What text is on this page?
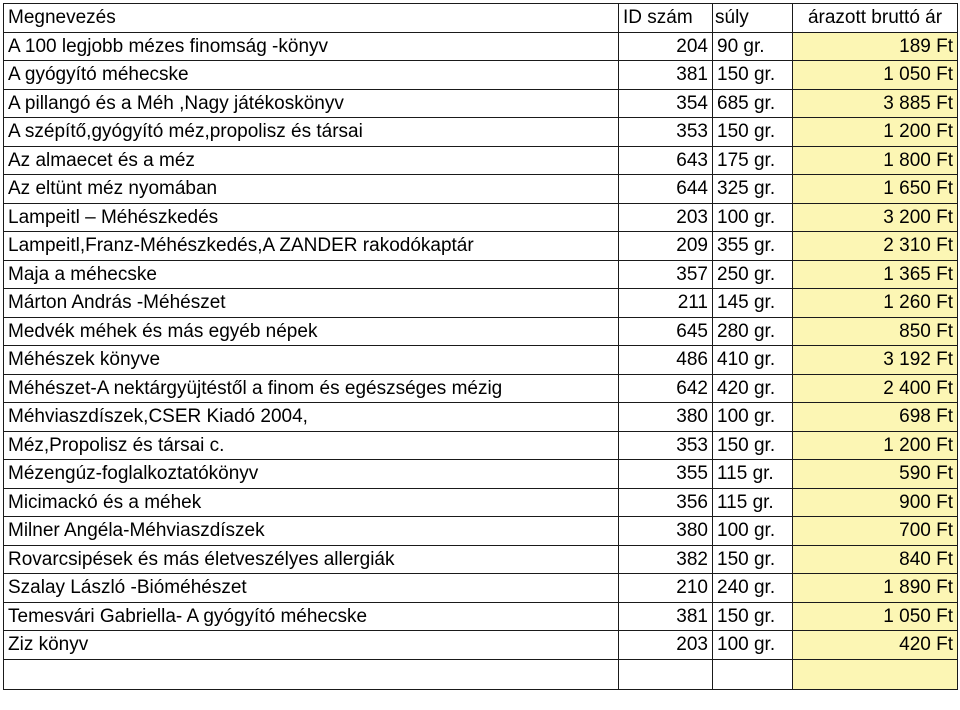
Megnevezés	ID szám	súly	árazott bruttó ár
A 100 legjobb mézes finomság -könyv	204	90 gr.	189 Ft
A gyógyító méhecske	381	150 gr.	1 050 Ft
A pillangó és a Méh ,Nagy játékoskönyv	354	685 gr.	3 885 Ft
A szépítő,gyógyító méz,propolisz és társai	353	150 gr.	1 200 Ft
Az almaecet és a méz	643	175 gr.	1 800 Ft
Az eltünt méz nyomában	644	325 gr.	1 650 Ft
Lampeitl – Méhészkedés	203	100 gr.	3 200 Ft
Lampeitl,Franz-Méhészkedés,A ZANDER rakodókaptár	209	355 gr.	2 310 Ft
Maja a méhecske	357	250 gr.	1 365 Ft
Márton András -Méhészet	211	145 gr.	1 260 Ft
Medvék méhek és más egyéb népek	645	280 gr.	850 Ft
Méhészek könyve	486	410 gr.	3 192 Ft
Méhészet-A nektárgyüjtéstől a finom és egészséges mézig	642	420 gr.	2 400 Ft
Méhviaszdíszek,CSER Kiadó 2004,	380	100 gr.	698 Ft
Méz,Propolisz és társai c.	353	150 gr.	1 200 Ft
Mézengúz-foglalkoztatókönyv	355	115 gr.	590 Ft
Micimackó és a méhek	356	115 gr.	900 Ft
Milner Angéla-Méhviaszdíszek	380	100 gr.	700 Ft
Rovarcsipések és más életveszélyes allergiák	382	150 gr.	840 Ft
Szalay László -Bióméhészet	210	240 gr.	1 890 Ft
Temesvári Gabriella- A gyógyító méhecske	381	150 gr.	1 050 Ft
Ziz könyv	203	100 gr.	420 Ft
